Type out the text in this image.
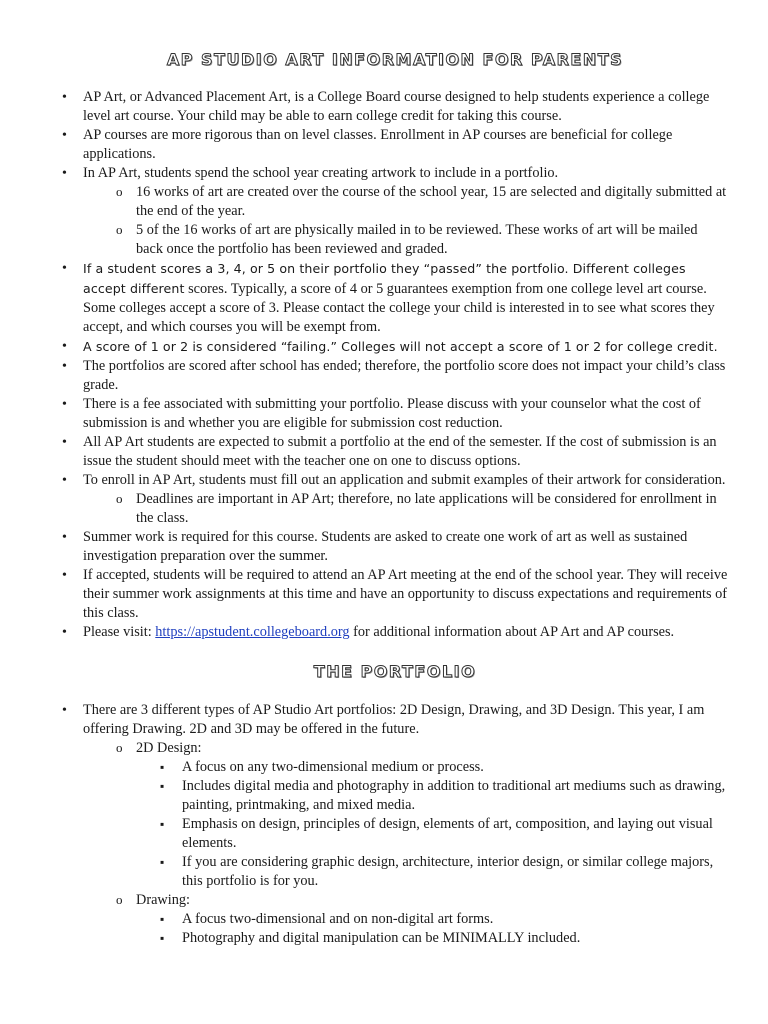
AP STUDIO ART INFORMATION FOR PARENTS
• AP Art, or Advanced Placement Art, is a College Board course designed to help students experience a college level art course. Your child may be able to earn college credit for taking this course.
• AP courses are more rigorous than on level classes. Enrollment in AP courses are beneficial for college applications.
• In AP Art, students spend the school year creating artwork to include in a portfolio.
o 16 works of art are created over the course of the school year, 15 are selected and digitally submitted at the end of the year.
o 5 of the 16 works of art are physically mailed in to be reviewed. These works of art will be mailed back once the portfolio has been reviewed and graded.
• If a student scores a 3, 4, or 5 on their portfolio they “passed” the portfolio. Different colleges accept different scores. Typically, a score of 4 or 5 guarantees exemption from one college level art course. Some colleges accept a score of 3. Please contact the college your child is interested in to see what scores they accept, and which courses you will be exempt from.
• A score of 1 or 2 is considered “failing.” Colleges will not accept a score of 1 or 2 for college credit.
• The portfolios are scored after school has ended; therefore, the portfolio score does not impact your child’s class grade.
• There is a fee associated with submitting your portfolio. Please discuss with your counselor what the cost of submission is and whether you are eligible for submission cost reduction.
• All AP Art students are expected to submit a portfolio at the end of the semester. If the cost of submission is an issue the student should meet with the teacher one on one to discuss options.
• To enroll in AP Art, students must fill out an application and submit examples of their artwork for consideration.
o Deadlines are important in AP Art; therefore, no late applications will be considered for enrollment in the class.
• Summer work is required for this course. Students are asked to create one work of art as well as sustained investigation preparation over the summer.
• If accepted, students will be required to attend an AP Art meeting at the end of the school year. They will receive their summer work assignments at this time and have an opportunity to discuss expectations and requirements of this class.
• Please visit: https://apstudent.collegeboard.org for additional information about AP Art and AP courses.
THE PORTFOLIO
• There are 3 different types of AP Studio Art portfolios: 2D Design, Drawing, and 3D Design. This year, I am offering Drawing. 2D and 3D may be offered in the future.
o 2D Design:
▪ A focus on any two-dimensional medium or process.
▪ Includes digital media and photography in addition to traditional art mediums such as drawing, painting, printmaking, and mixed media.
▪ Emphasis on design, principles of design, elements of art, composition, and laying out visual elements.
▪ If you are considering graphic design, architecture, interior design, or similar college majors, this portfolio is for you.
o Drawing:
▪ A focus two-dimensional and on non-digital art forms.
▪ Photography and digital manipulation can be MINIMALLY included.
